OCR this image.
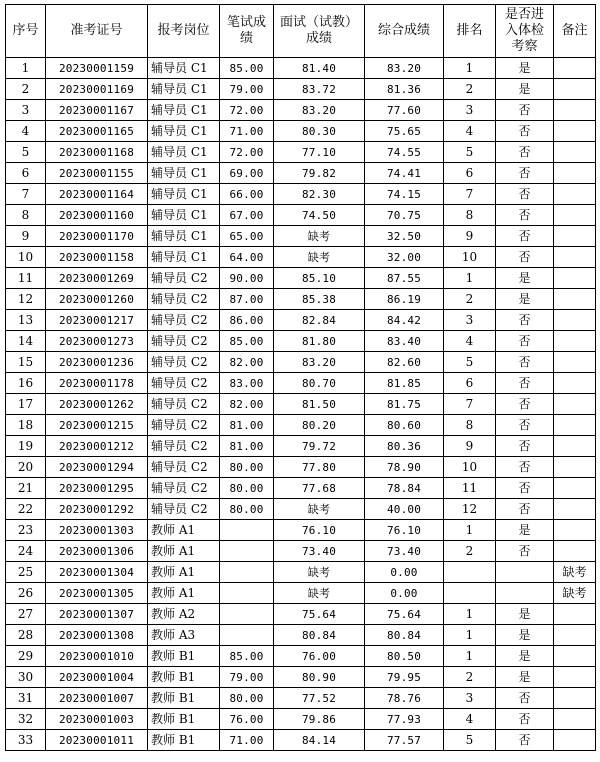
序号	准考证号	报考岗位	笔试成绩	面试（试教）成绩	综合成绩	排名	是否进入体检考察	备注
1	20230001159	辅导员 C1	85.00	81.40	83.20	1	是	
2	20230001169	辅导员 C1	79.00	83.72	81.36	2	是	
3	20230001167	辅导员 C1	72.00	83.20	77.60	3	否	
4	20230001165	辅导员 C1	71.00	80.30	75.65	4	否	
5	20230001168	辅导员 C1	72.00	77.10	74.55	5	否	
6	20230001155	辅导员 C1	69.00	79.82	74.41	6	否	
7	20230001164	辅导员 C1	66.00	82.30	74.15	7	否	
8	20230001160	辅导员 C1	67.00	74.50	70.75	8	否	
9	20230001170	辅导员 C1	65.00	缺考	32.50	9	否	
10	20230001158	辅导员 C1	64.00	缺考	32.00	10	否	
11	20230001269	辅导员 C2	90.00	85.10	87.55	1	是	
12	20230001260	辅导员 C2	87.00	85.38	86.19	2	是	
13	20230001217	辅导员 C2	86.00	82.84	84.42	3	否	
14	20230001273	辅导员 C2	85.00	81.80	83.40	4	否	
15	20230001236	辅导员 C2	82.00	83.20	82.60	5	否	
16	20230001178	辅导员 C2	83.00	80.70	81.85	6	否	
17	20230001262	辅导员 C2	82.00	81.50	81.75	7	否	
18	20230001215	辅导员 C2	81.00	80.20	80.60	8	否	
19	20230001212	辅导员 C2	81.00	79.72	80.36	9	否	
20	20230001294	辅导员 C2	80.00	77.80	78.90	10	否	
21	20230001295	辅导员 C2	80.00	77.68	78.84	11	否	
22	20230001292	辅导员 C2	80.00	缺考	40.00	12	否	
23	20230001303	教师 A1		76.10	76.10	1	是	
24	20230001306	教师 A1		73.40	73.40	2	否	
25	20230001304	教师 A1		缺考	0.00			缺考
26	20230001305	教师 A1		缺考	0.00			缺考
27	20230001307	教师 A2		75.64	75.64	1	是	
28	20230001308	教师 A3		80.84	80.84	1	是	
29	20230001010	教师 B1	85.00	76.00	80.50	1	是	
30	20230001004	教师 B1	79.00	80.90	79.95	2	是	
31	20230001007	教师 B1	80.00	77.52	78.76	3	否	
32	20230001003	教师 B1	76.00	79.86	77.93	4	否	
33	20230001011	教师 B1	71.00	84.14	77.57	5	否	
